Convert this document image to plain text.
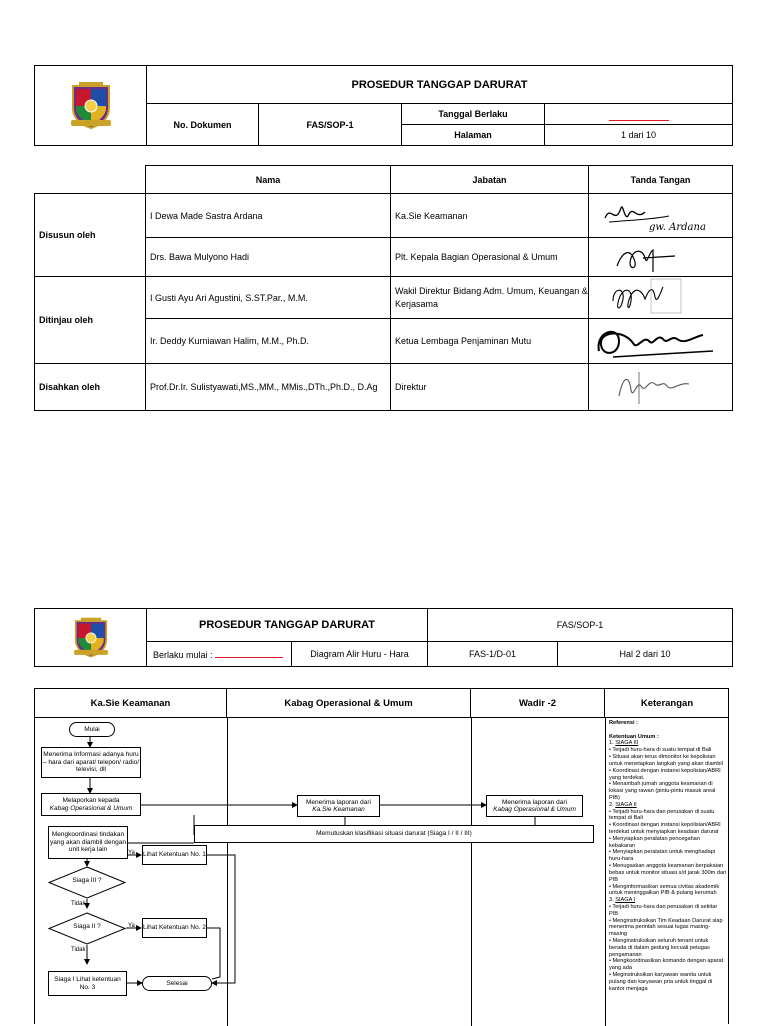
	PROSEDUR TANGGAP DARURAT			
	No. Dokumen	FAS/SOP-1	Tanggal Berlaku	

			Halaman	1 dari 10
	Nama	Jabatan	Tanda Tangan
Disusun oleh	I Dewa Made Sastra Ardana	Ka.Sie Keamanan	gw. Ardana

	Drs. Bawa Mulyono Hadi	Plt. Kepala Bagian Operasional & Umum	

Ditinjau oleh	I Gusti Ayu Ari Agustini, S.ST.Par., M.M.	Wakil Direktur Bidang Adm. Umum, Keuangan & Kerjasama	

	Ir. Deddy Kurniawan Halim, M.M., Ph.D.	Ketua Lembaga Penjaminan Mutu	

Disahkan oleh	Prof.Dr.Ir. Sulistyawati,MS.,MM., MMis.,DTh.,Ph.D., D.Ag	Direktur	
	PROSEDUR TANGGAP DARURAT		FAS/SOP-1	
	Berlaku mulai :	Diagram Alir Huru - Hara	FAS-1/D-01	Hal 2 dari 10
Ka.Sie Keamanan	Kabag Operasional & Umum	Wadir -2	Keterangan
Mulai
Menerima Informasi adanya huru – hara dari aparat/ telepon/ radio/ televisi, dll
Melaporkan kepada
Kabag Operasional & Umum
Menerima laporan dari
Ka.Sie Keamanan
Menerima laporan dari
Kabag Operasional & Umum
Memutuskan klasifikasi situasi darurat (Siaga I / II / III)
Mengkoordinasi tindakan yang akan diambil dengan unit kerja lain
Siaga III ?
Siaga II ?
Ya
Ya
Tidak
Tidak
Lihat Ketentuan No. 1
Lihat Ketentuan No. 2
Siaga I Lihat ketentuan No. 3
Selesai

Referensi :

Ketentuan Umum :

1. SIAGA III

• Terjadi huru-hara di suatu tempat di Bali

• Situasi akan terus dimonitor ke kepolisian untuk menetapkan langkah yang akan diambil

• Koordinasi dengan instansi kepolisian/ABRI yang terdekat.

• Menambah jumah anggota keamanan di lokasi yang rawan (pintu-pintu masuk areal PIB)

2. SIAGA II

• Terjadi huru-hara dan perusakan di suatu tempat di Bali

• Koordinasi dengan instansi kepolisian/ABRI terdekat untuk menyiapkan keadaan darurat

• Menyiapkan peralatan pencegahan kebakaran

• Menyiapkan peralatan untuk menghadapi huru-hara

• Menugaskan anggota keamanan berpakaian bebas untuk monitor situasi s/d jarak 300m dari PIB

• Menginformasikan semua civitas akademik untuk meninggalkan PIB & pulang kerumah

3. SIAGA I

• Terjadi huru-hara dan perusakan di sekitar PIB

• Menginstruksikan Tim Keadaan Darurat siap menerima perintah sesuai tugas masing-masing

• Menginstruksikan seluruh tenant untuk berada di dalam gedung kecuali petugas pengamanan

• Mengkoordinasikan komando dengan aparat yang ada

• Meginstruksikan karyawan wanita untuk pulang dan karyawan pria untuk tinggal di kantor menjaga
